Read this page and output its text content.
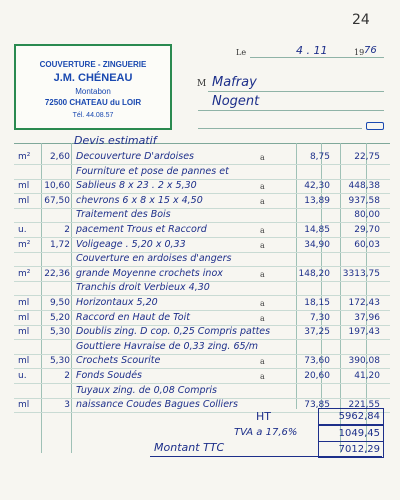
24
COUVERTURE - ZINGUERIE
J.M. CHÉNEAU
Montabon
72500 CHATEAU du LOIR
Tél. 44.08.57
Le	4 . 11	19 76
M Mafray
Nogent
Devis estimatif
m²	2,60 Decouverture D'ardoises	a	8,75	22,75
Fourniture et pose de pannes et
ml 10,60 Sablieus 8 x 23 . 2 x 5,30	a	42,30	448,38
ml 67,50 chevrons 6 x 8 x 15 x 4,50	a	13,89	937,58
Traitement des Bois	80,00
u.	2 pacement Trous et Raccord	a	14,85	29,70
m²	1,72 Voligeage . 5,20 x 0,33	a	34,90	60,03
Couverture en ardoises d'angers
m² 22,36 grande Moyenne crochets inox	a	148,20	3313,75
Tranchis droit Verbieux 4,30
ml	9,50 Horizontaux 5,20	a	18,15	172,43
ml	5,20 Raccord en Haut de Toit	a	7,30	37,96
ml	5,30 Doublis zing. D cop. 0,25 Compris pattes	37,25	197,43
Gouttiere Havraise de 0,33 zing. 65/m
ml	5,30 Crochets Scourite	a	73,60	390,08
u.	2 Fonds Soudés	a	20,60	41,20
Tuyaux zing. de 0,08 Compris
ml	3 naissance Coudes Bagues Colliers	73,85	221,55
HT	5962,84
TVA a 17,6%	1049,45
Montant TTC	7012,29
